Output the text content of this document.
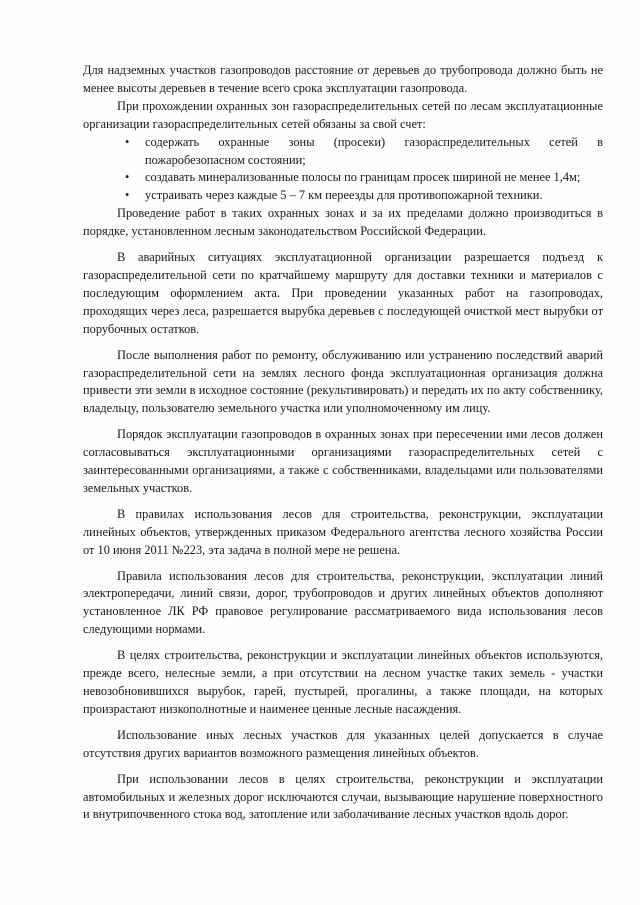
Для надземных участков газопроводов расстояние от деревьев до трубопровода должно быть не менее высоты деревьев в течение всего срока эксплуатации газопровода.

При прохождении охранных зон газораспределительных сетей по лесам эксплуатационные организации газораспределительных сетей обязаны за свой счет:

• содержать охранные зоны (просеки) газораспределительных сетей в пожаробезопасном состоянии;
• создавать минерализованные полосы по границам просек шириной не менее 1,4м;
• устраивать через каждые 5 – 7 км переезды для противопожарной техники.

Проведение работ в таких охранных зонах и за их пределами должно производиться в порядке, установленном лесным законодательством Российской Федерации.

В аварийных ситуациях эксплуатационной организации разрешается подъезд к газораспределительной сети по кратчайшему маршруту для доставки техники и материалов с последующим оформлением акта. При проведении указанных работ на газопроводах, проходящих через леса, разрешается вырубка деревьев с последующей очисткой мест вырубки от порубочных остатков.

После выполнения работ по ремонту, обслуживанию или устранению последствий аварий газораспределительной сети на землях лесного фонда эксплуатационная организация должна привести эти земли в исходное состояние (рекультивировать) и передать их по акту собственнику, владельцу, пользователю земельного участка или уполномоченному им лицу.

Порядок эксплуатации газопроводов в охранных зонах при пересечении ими лесов должен согласовываться эксплуатационными организациями газораспределительных сетей с заинтересованными организациями, а также с собственниками, владельцами или пользователями земельных участков.

В правилах использования лесов для строительства, реконструкции, эксплуатации линейных объектов, утвержденных приказом Федерального агентства лесного хозяйства России от 10 июня 2011 №223, эта задача в полной мере не решена.

Правила использования лесов для строительства, реконструкции, эксплуатации линий электропередачи, линий связи, дорог, трубопроводов и других линейных объектов дополняют установленное ЛК РФ правовое регулирование рассматриваемого вида использования лесов следующими нормами.

В целях строительства, реконструкции и эксплуатации линейных объектов используются, прежде всего, нелесные земли, а при отсутствии на лесном участке таких земель - участки невозобновившихся вырубок, гарей, пустырей, прогалины, а также площади, на которых произрастают низкополнотные и наименее ценные лесные насаждения.

Использование иных лесных участков для указанных целей допускается в случае отсутствия других вариантов возможного размещения линейных объектов.

При использовании лесов в целях строительства, реконструкции и эксплуатации автомобильных и железных дорог исключаются случаи, вызывающие нарушение поверхностного и внутрипочвенного стока вод, затопление или заболачивание лесных участков вдоль дорог.
